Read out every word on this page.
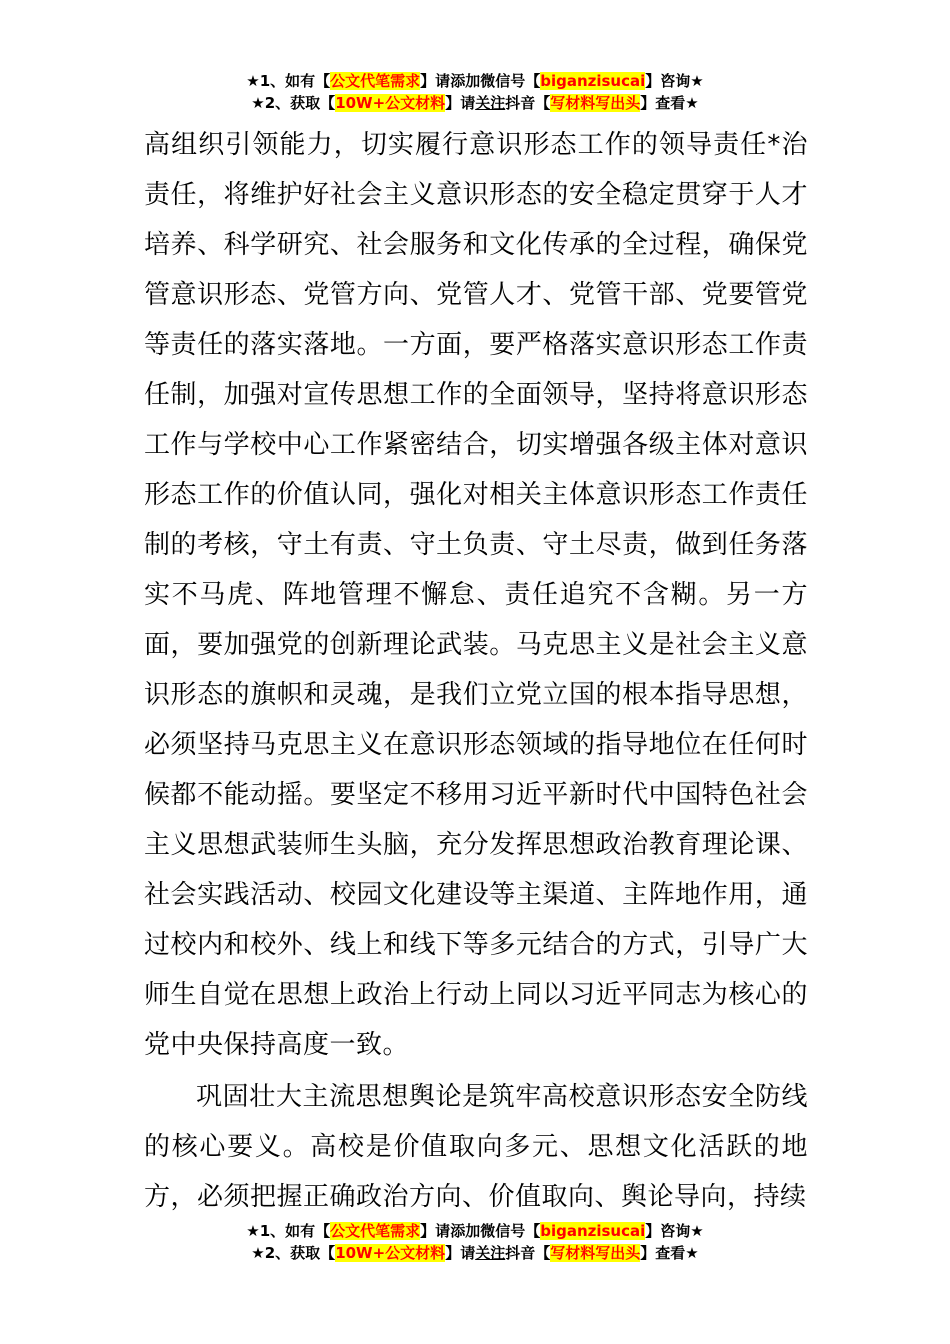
★1、如有【公文代笔需求】请添加微信号【biganzisucai】咨询★
★2、获取【10W+公文材料】请关注抖音【写材料写出头】查看★

高组织引领能力，切实履行意识形态工作的领导责任*治责任，将维护好社会主义意识形态的安全稳定贯穿于人才培养、科学研究、社会服务和文化传承的全过程，确保党管意识形态、党管方向、党管人才、党管干部、党要管党等责任的落实落地。一方面，要严格落实意识形态工作责任制，加强对宣传思想工作的全面领导，坚持将意识形态工作与学校中心工作紧密结合，切实增强各级主体对意识形态工作的价值认同，强化对相关主体意识形态工作责任制的考核，守土有责、守土负责、守土尽责，做到任务落实不马虎、阵地管理不懈怠、责任追究不含糊。另一方面，要加强党的创新理论武装。马克思主义是社会主义意识形态的旗帜和灵魂，是我们立党立国的根本指导思想，必须坚持马克思主义在意识形态领域的指导地位在任何时候都不能动摇。要坚定不移用习近平新时代中国特色社会主义思想武装师生头脑，充分发挥思想政治教育理论课、社会实践活动、校园文化建设等主渠道、主阵地作用，通过校内和校外、线上和线下等多元结合的方式，引导广大师生自觉在思想上政治上行动上同以习近平同志为核心的党中央保持高度一致。

巩固壮大主流思想舆论是筑牢高校意识形态安全防线的核心要义。高校是价值取向多元、思想文化活跃的地方，必须把握正确政治方向、价值取向、舆论导向，持续

★1、如有【公文代笔需求】请添加微信号【biganzisucai】咨询★
★2、获取【10W+公文材料】请关注抖音【写材料写出头】查看★
